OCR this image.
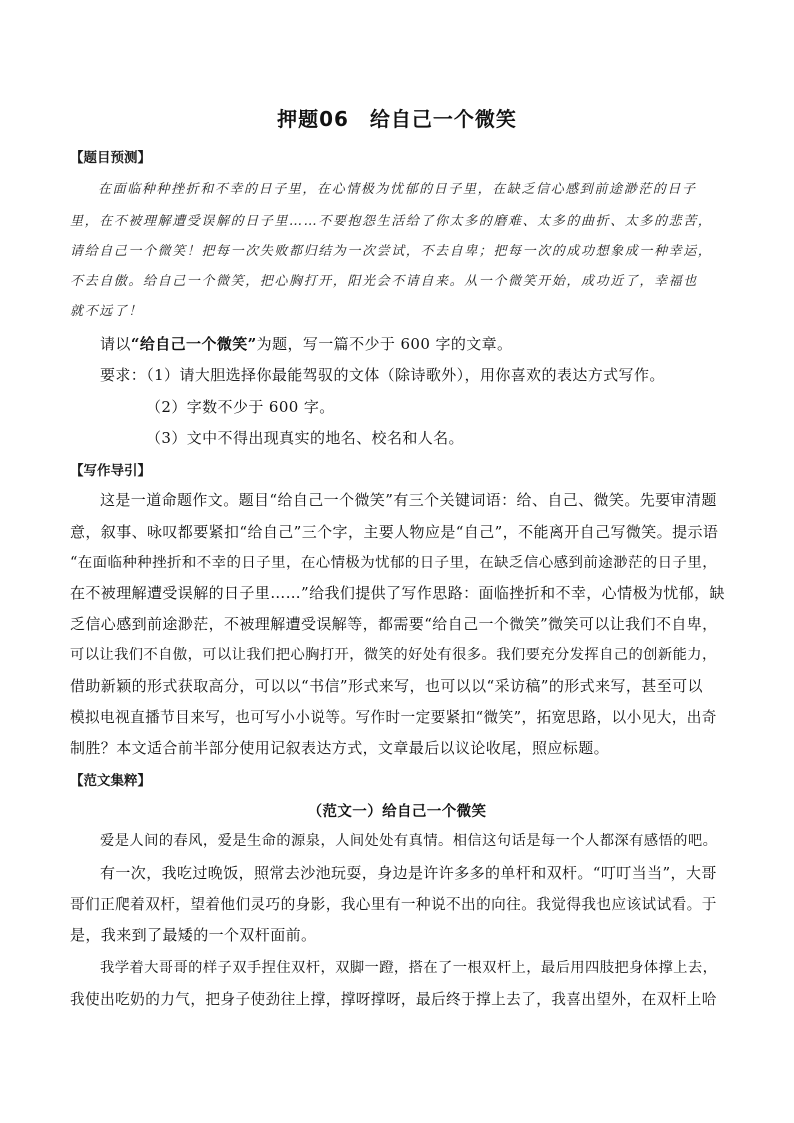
押题06　给自己一个微笑
【题目预测】
在面临种种挫折和不幸的日子里，在心情极为忧郁的日子里，在缺乏信心感到前途渺茫的日子
里，在不被理解遭受误解的日子里……不要抱怨生活给了你太多的磨难、太多的曲折、太多的悲苦，
请给自己一个微笑！把每一次失败都归结为一次尝试，不去自卑；把每一次的成功想象成一种幸运，
不去自傲。给自己一个微笑，把心胸打开，阳光会不请自来。从一个微笑开始，成功近了，幸福也
就不远了！
请以“给自己一个微笑”为题，写一篇不少于 600 字的文章。
要求：（1）请大胆选择你最能驾驭的文体（除诗歌外），用你喜欢的表达方式写作。
（2）字数不少于 600 字。
（3）文中不得出现真实的地名、校名和人名。
【写作导引】
这是一道命题作文。题目“给自己一个微笑”有三个关键词语：给、自己、微笑。先要审清题
意，叙事、咏叹都要紧扣“给自己”三个字，主要人物应是“自己”，不能离开自己写微笑。提示语
“在面临种种挫折和不幸的日子里，在心情极为忧郁的日子里，在缺乏信心感到前途渺茫的日子里，
在不被理解遭受误解的日子里……”给我们提供了写作思路：面临挫折和不幸，心情极为忧郁，缺
乏信心感到前途渺茫，不被理解遭受误解等，都需要“给自己一个微笑”微笑可以让我们不自卑，
可以让我们不自傲，可以让我们把心胸打开，微笑的好处有很多。我们要充分发挥自己的创新能力，
借助新颖的形式获取高分，可以以“书信”形式来写，也可以以“采访稿”的形式来写，甚至可以
模拟电视直播节目来写，也可写小小说等。写作时一定要紧扣“微笑”，拓宽思路，以小见大，出奇
制胜？本文适合前半部分使用记叙表达方式，文章最后以议论收尾，照应标题。
【范文集粹】
（范文一）给自己一个微笑
爱是人间的春风，爱是生命的源泉，人间处处有真情。相信这句话是每一个人都深有感悟的吧。
有一次，我吃过晚饭，照常去沙池玩耍，身边是许许多多的单杆和双杆。“叮叮当当”，大哥
哥们正爬着双杆，望着他们灵巧的身影，我心里有一种说不出的向往。我觉得我也应该试试看。于
是，我来到了最矮的一个双杆面前。
我学着大哥哥的样子双手捏住双杆，双脚一蹬，搭在了一根双杆上，最后用四肢把身体撑上去，
我使出吃奶的力气，把身子使劲往上撑，撑呀撑呀，最后终于撑上去了，我喜出望外，在双杆上哈
